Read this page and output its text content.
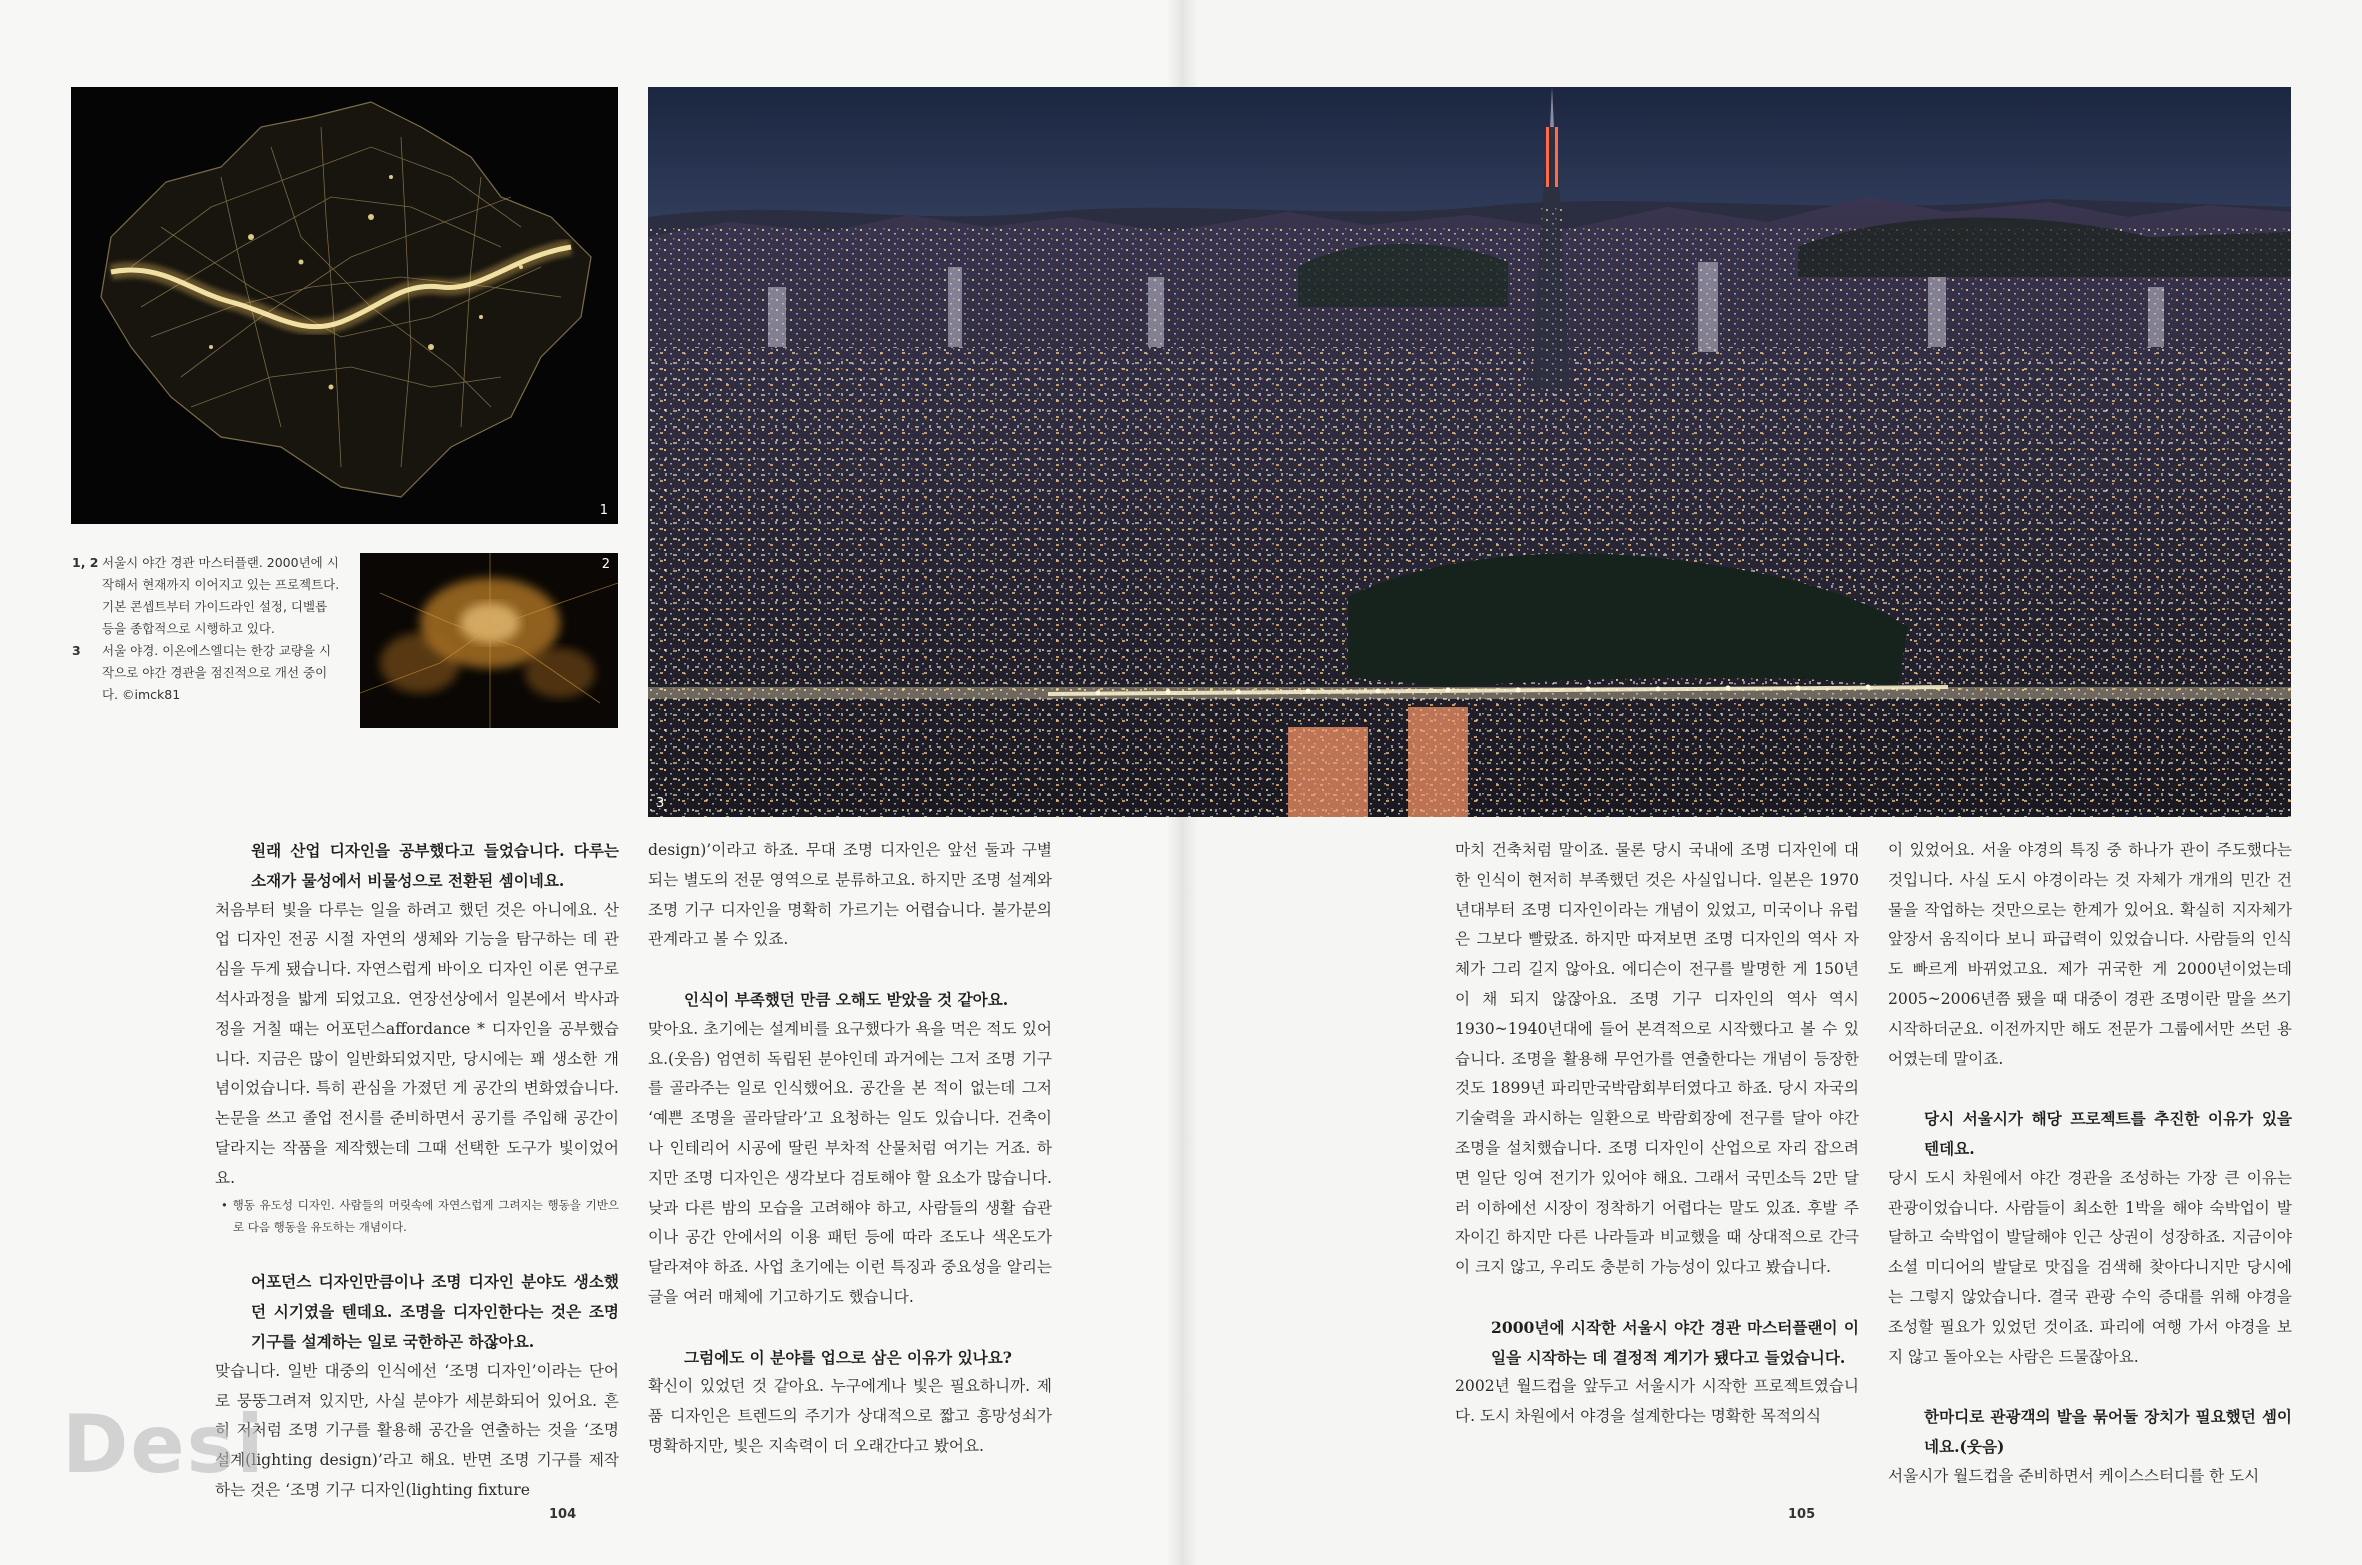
1
2
1, 2 서울시 야간 경관 마스터플랜. 2000년에 시작해서 현재까지 이어지고 있는 프로젝트다. 기본 콘셉트부터 가이드라인 설정, 디벨롭 등을 종합적으로 시행하고 있다.
3 서울 야경. 이온에스엘디는 한강 교량을 시작으로 야간 경관을 점진적으로 개선 중이다. ©imck81
3

원래 산업 디자인을 공부했다고 들었습니다. 다루는 소재가 물성에서 비물성으로 전환된 셈이네요.

처음부터 빛을 다루는 일을 하려고 했던 것은 아니에요. 산업 디자인 전공 시절 자연의 생체와 기능을 탐구하는 데 관심을 두게 됐습니다. 자연스럽게 바이오 디자인 이론 연구로 석사과정을 밟게 되었고요. 연장선상에서 일본에서 박사과정을 거칠 때는 어포던스affordance * 디자인을 공부했습니다. 지금은 많이 일반화되었지만, 당시에는 꽤 생소한 개념이었습니다. 특히 관심을 가졌던 게 공간의 변화였습니다. 논문을 쓰고 졸업 전시를 준비하면서 공기를 주입해 공간이 달라지는 작품을 제작했는데 그때 선택한 도구가 빛이었어요.

• 행동 유도성 디자인. 사람들의 머릿속에 자연스럽게 그려지는 행동을 기반으로 다음 행동을 유도하는 개념이다.

어포던스 디자인만큼이나 조명 디자인 분야도 생소했던 시기였을 텐데요. 조명을 디자인한다는 것은 조명 기구를 설계하는 일로 국한하곤 하잖아요.

맞습니다. 일반 대중의 인식에선 ‘조명 디자인’이라는 단어로 뭉뚱그려져 있지만, 사실 분야가 세분화되어 있어요. 흔히 저처럼 조명 기구를 활용해 공간을 연출하는 것을 ‘조명 설계(lighting design)’라고 해요. 반면 조명 기구를 제작하는 것은 ‘조명 기구 디자인(lighting fixture

design)’이라고 하죠. 무대 조명 디자인은 앞선 둘과 구별되는 별도의 전문 영역으로 분류하고요. 하지만 조명 설계와 조명 기구 디자인을 명확히 가르기는 어렵습니다. 불가분의 관계라고 볼 수 있죠.

인식이 부족했던 만큼 오해도 받았을 것 같아요.

맞아요. 초기에는 설계비를 요구했다가 욕을 먹은 적도 있어요.(웃음) 엄연히 독립된 분야인데 과거에는 그저 조명 기구를 골라주는 일로 인식했어요. 공간을 본 적이 없는데 그저 ‘예쁜 조명을 골라달라’고 요청하는 일도 있습니다. 건축이나 인테리어 시공에 딸린 부차적 산물처럼 여기는 거죠. 하지만 조명 디자인은 생각보다 검토해야 할 요소가 많습니다. 낮과 다른 밤의 모습을 고려해야 하고, 사람들의 생활 습관이나 공간 안에서의 이용 패턴 등에 따라 조도나 색온도가 달라져야 하죠. 사업 초기에는 이런 특징과 중요성을 알리는 글을 여러 매체에 기고하기도 했습니다.

그럼에도 이 분야를 업으로 삼은 이유가 있나요?

확신이 있었던 것 같아요. 누구에게나 빛은 필요하니까. 제품 디자인은 트렌드의 주기가 상대적으로 짧고 흥망성쇠가 명확하지만, 빛은 지속력이 더 오래간다고 봤어요.

마치 건축처럼 말이죠. 물론 당시 국내에 조명 디자인에 대한 인식이 현저히 부족했던 것은 사실입니다. 일본은 1970년대부터 조명 디자인이라는 개념이 있었고, 미국이나 유럽은 그보다 빨랐죠. 하지만 따져보면 조명 디자인의 역사 자체가 그리 길지 않아요. 에디슨이 전구를 발명한 게 150년이 채 되지 않잖아요. 조명 기구 디자인의 역사 역시 1930~1940년대에 들어 본격적으로 시작했다고 볼 수 있습니다. 조명을 활용해 무언가를 연출한다는 개념이 등장한 것도 1899년 파리만국박람회부터였다고 하죠. 당시 자국의 기술력을 과시하는 일환으로 박람회장에 전구를 달아 야간 조명을 설치했습니다. 조명 디자인이 산업으로 자리 잡으려면 일단 잉여 전기가 있어야 해요. 그래서 국민소득 2만 달러 이하에선 시장이 정착하기 어렵다는 말도 있죠. 후발 주자이긴 하지만 다른 나라들과 비교했을 때 상대적으로 간극이 크지 않고, 우리도 충분히 가능성이 있다고 봤습니다.

2000년에 시작한 서울시 야간 경관 마스터플랜이 이 일을 시작하는 데 결정적 계기가 됐다고 들었습니다.

2002년 월드컵을 앞두고 서울시가 시작한 프로젝트였습니다. 도시 차원에서 야경을 설계한다는 명확한 목적의식

이 있었어요. 서울 야경의 특징 중 하나가 관이 주도했다는 것입니다. 사실 도시 야경이라는 것 자체가 개개의 민간 건물을 작업하는 것만으로는 한계가 있어요. 확실히 지자체가 앞장서 움직이다 보니 파급력이 있었습니다. 사람들의 인식도 빠르게 바뀌었고요. 제가 귀국한 게 2000년이었는데 2005~2006년쯤 됐을 때 대중이 경관 조명이란 말을 쓰기 시작하더군요. 이전까지만 해도 전문가 그룹에서만 쓰던 용어였는데 말이죠.

당시 서울시가 해당 프로젝트를 추진한 이유가 있을 텐데요.

당시 도시 차원에서 야간 경관을 조성하는 가장 큰 이유는 관광이었습니다. 사람들이 최소한 1박을 해야 숙박업이 발달하고 숙박업이 발달해야 인근 상권이 성장하죠. 지금이야 소셜 미디어의 발달로 맛집을 검색해 찾아다니지만 당시에는 그렇지 않았습니다. 결국 관광 수익 증대를 위해 야경을 조성할 필요가 있었던 것이죠. 파리에 여행 가서 야경을 보지 않고 돌아오는 사람은 드물잖아요.

한마디로 관광객의 발을 묶어둘 장치가 필요했던 셈이네요.(웃음)

서울시가 월드컵을 준비하면서 케이스스터디를 한 도시

Desi
104	105
